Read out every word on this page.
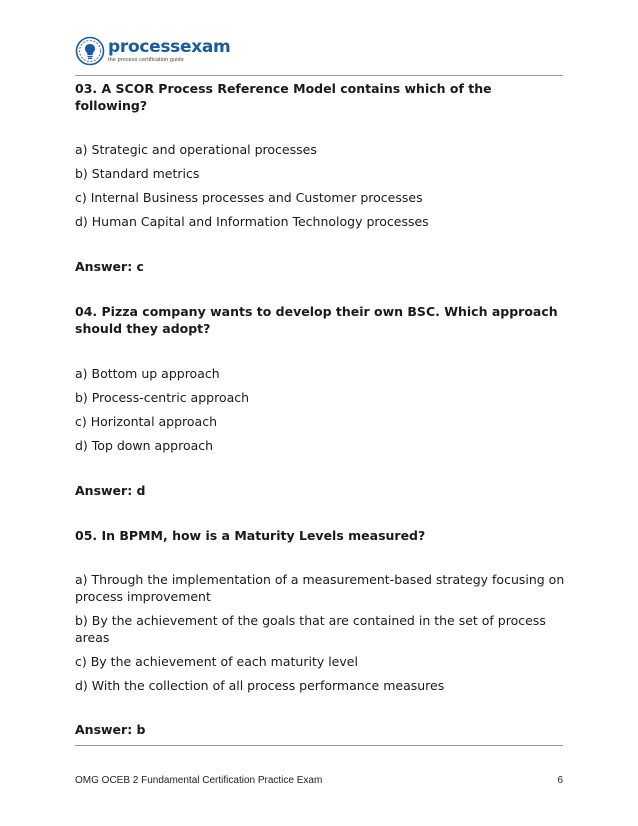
processexam
the process certification guide

03. A SCOR Process Reference Model contains which of the following?

a) Strategic and operational processes

b) Standard metrics

c) Internal Business processes and Customer processes

d) Human Capital and Information Technology processes

Answer: c

04. Pizza company wants to develop their own BSC. Which approach
should they adopt?

a) Bottom up approach

b) Process-centric approach

c) Horizontal approach

d) Top down approach

Answer: d

05. In BPMM, how is a Maturity Levels measured?

a) Through the implementation of a measurement-based strategy focusing on
process improvement

b) By the achievement of the goals that are contained in the set of process areas

c) By the achievement of each maturity level

d) With the collection of all process performance measures

Answer: b

OMG OCEB 2 Fundamental Certification Practice Exam	6
